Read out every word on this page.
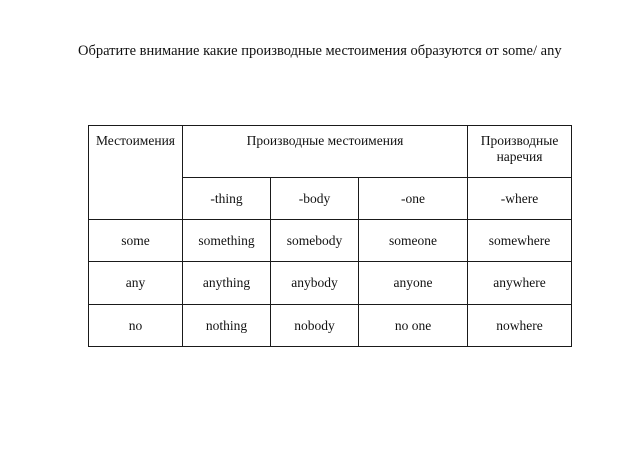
Обратите внимание какие производные местоимения образуются от some/ any

Местоимения	Производные местоимения			Производные наречия
	-thing	-body	-one	-where
some	something	somebody	someone	somewhere
any	anything	anybody	anyone	anywhere
no	nothing	nobody	no one	nowhere
